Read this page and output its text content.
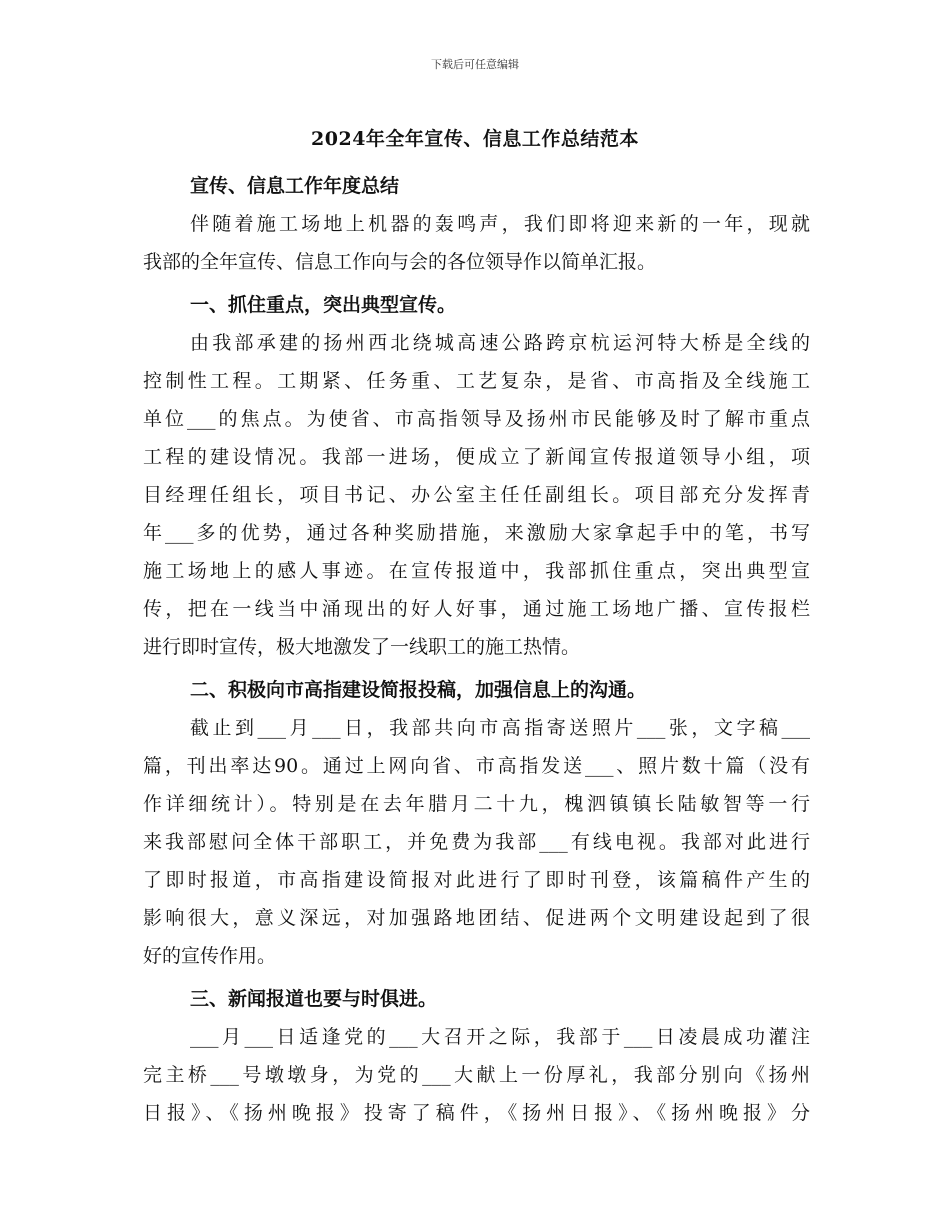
下载后可任意编辑
2024年全年宣传、信息工作总结范本
宣传、信息工作年度总结
伴随着施工场地上机器的轰鸣声，我们即将迎来新的一年，现就
我部的全年宣传、信息工作向与会的各位领导作以简单汇报。
一、抓住重点，突出典型宣传。
由我部承建的扬州西北绕城高速公路跨京杭运河特大桥是全线的
控制性工程。工期紧、任务重、工艺复杂，是省、市高指及全线施工
单位___的焦点。为使省、市高指领导及扬州市民能够及时了解市重点
工程的建设情况。我部一进场，便成立了新闻宣传报道领导小组，项
目经理任组长，项目书记、办公室主任任副组长。项目部充分发挥青
年___多的优势，通过各种奖励措施，来激励大家拿起手中的笔，书写
施工场地上的感人事迹。在宣传报道中，我部抓住重点，突出典型宣
传，把在一线当中涌现出的好人好事，通过施工场地广播、宣传报栏
进行即时宣传，极大地激发了一线职工的施工热情。
二、积极向市高指建设简报投稿，加强信息上的沟通。
截止到___月___日，我部共向市高指寄送照片___张，文字稿___
篇，刊出率达90。通过上网向省、市高指发送___、照片数十篇（没有
作详细统计）。特别是在去年腊月二十九，槐泗镇镇长陆敏智等一行
来我部慰问全体干部职工，并免费为我部___有线电视。我部对此进行
了即时报道，市高指建设简报对此进行了即时刊登，该篇稿件产生的
影响很大，意义深远，对加强路地团结、促进两个文明建设起到了很
好的宣传作用。
三、新闻报道也要与时俱进。
___月___日适逢党的___大召开之际，我部于___日凌晨成功灌注
完主桥___号墩墩身，为党的___大献上一份厚礼，我部分别向《扬州
日报》、《扬州晚报》投寄了稿件，《扬州日报》、《扬州晚报》分
